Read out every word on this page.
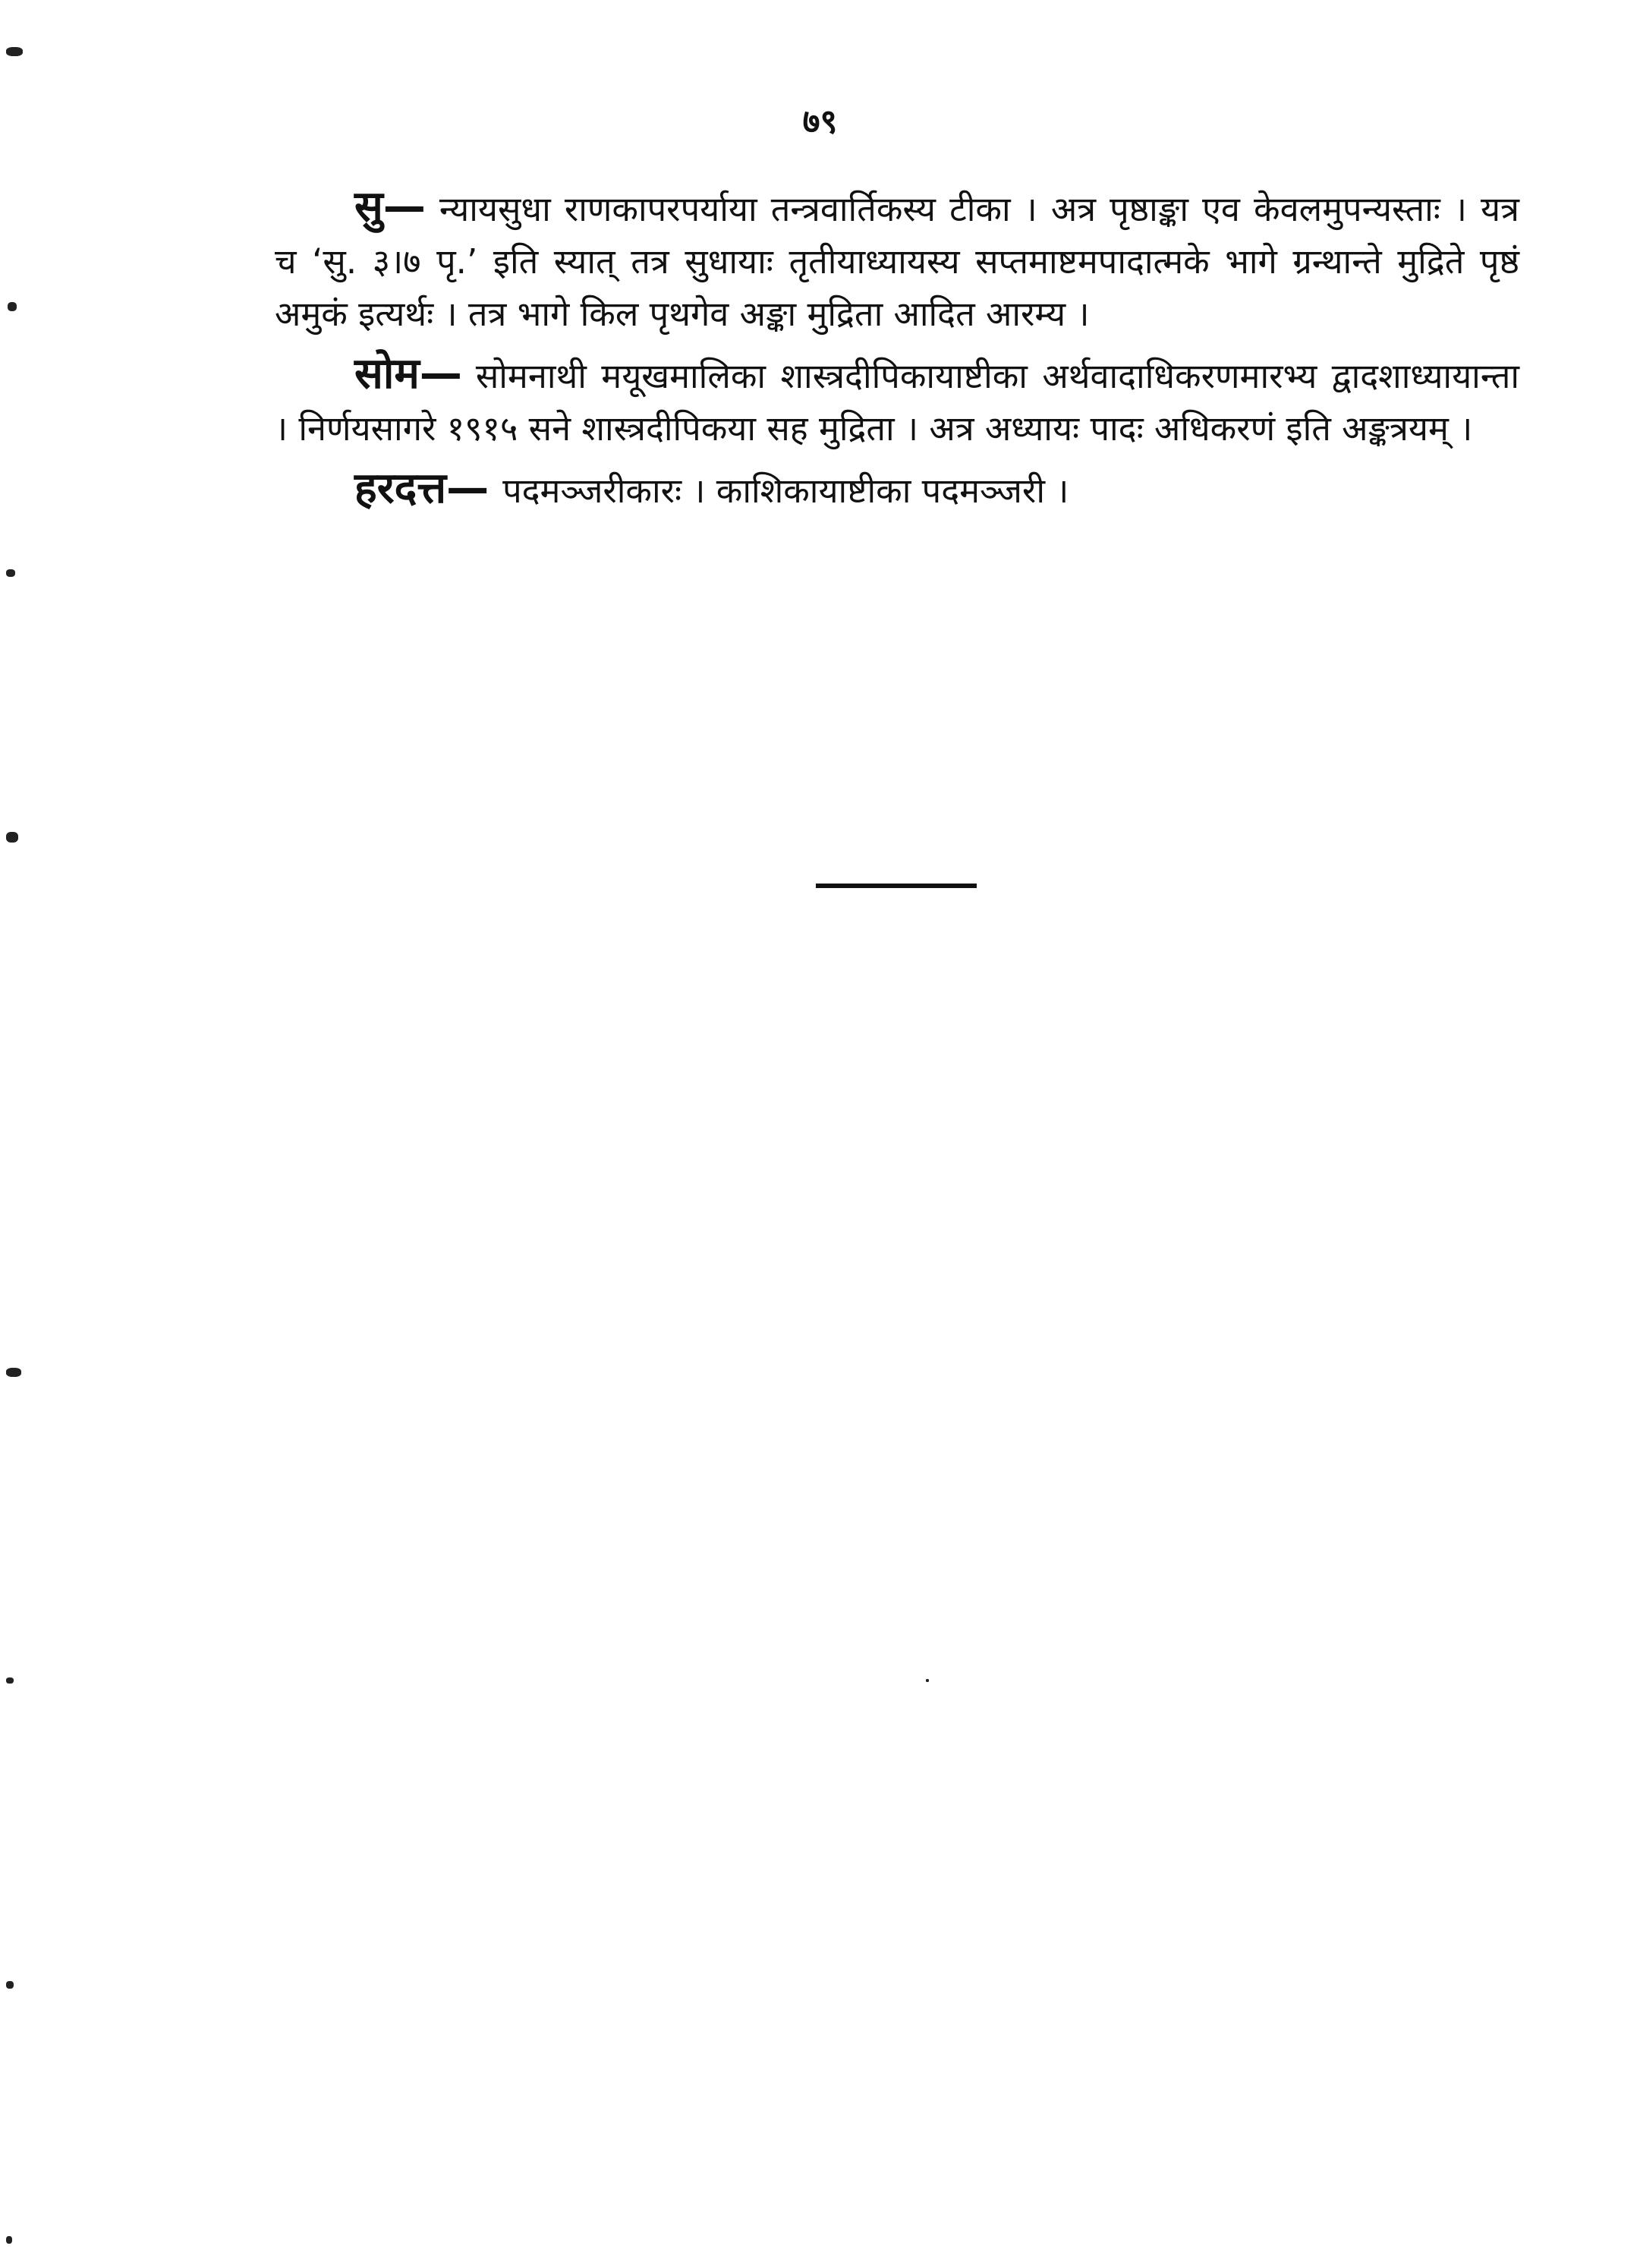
७९

सु— न्यायसुधा राणकापरपर्याया तन्त्रवार्तिकस्य टीका । अत्र पृष्ठाङ्का एव केवलमुपन्यस्ताः । यत्र च ‘सु. ३।७ पृ.’ इति स्यात् तत्र सुधायाः तृतीयाध्यायस्य सप्तमाष्टमपादात्मके भागे ग्रन्थान्ते मुद्रिते पृष्ठं अमुकं इत्यर्थः । तत्र भागे किल पृथगेव अङ्का मुद्रिता आदित आरम्य ।

सोम— सोमनाथी मयूखमालिका शास्त्रदीपिकायाष्टीका अर्थवादाधिकरणमारभ्य द्वादशाध्यायान्ता । निर्णयसागरे १९१५ सने शास्त्रदीपिकया सह मुद्रिता । अत्र अध्यायः पादः अधिकरणं इति अङ्कत्रयम् ।

हरदत्त— पदमञ्जरीकारः । काशिकायाष्टीका पदमञ्जरी ।
